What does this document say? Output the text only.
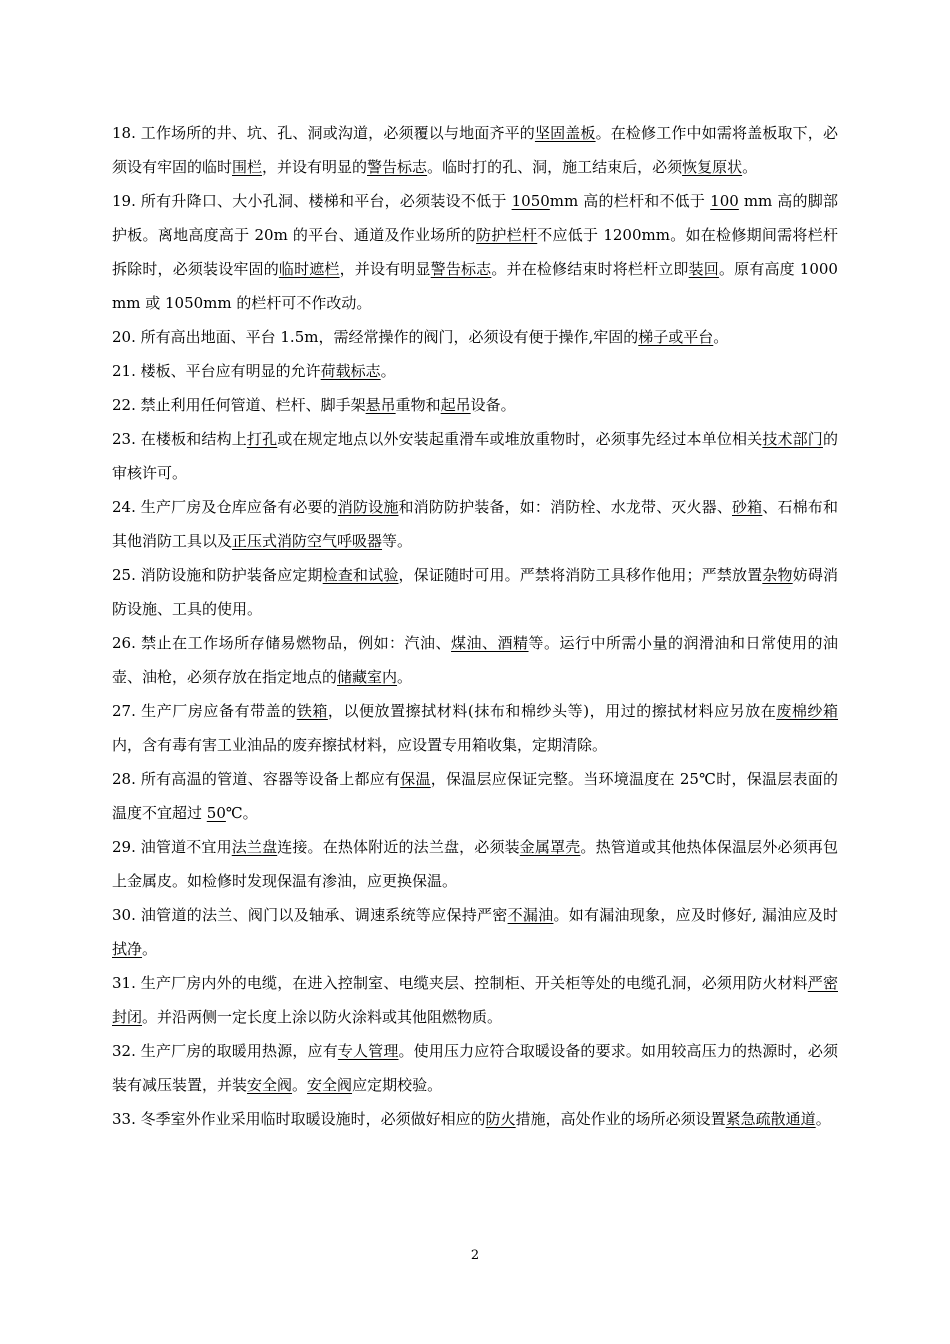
18. 工作场所的井、坑、孔、洞或沟道，必须覆以与地面齐平的坚固盖板。在检修工作中如需将盖板取下，必须设有牢固的临时围栏，并设有明显的警告标志。临时打的孔、洞，施工结束后，必须恢复原状。

19. 所有升降口、大小孔洞、楼梯和平台，必须装设不低于 1050mm 高的栏杆和不低于 100 mm 高的脚部护板。离地高度高于 20m 的平台、通道及作业场所的防护栏杆不应低于 1200mm。如在检修期间需将栏杆拆除时，必须装设牢固的临时遮栏，并设有明显警告标志。并在检修结束时将栏杆立即装回。原有高度 1000mm 或 1050mm 的栏杆可不作改动。

20. 所有高出地面、平台 1.5m，需经常操作的阀门，必须设有便于操作,牢固的梯子或平台。

21. 楼板、平台应有明显的允许荷载标志。

22. 禁止利用任何管道、栏杆、脚手架悬吊重物和起吊设备。

23. 在楼板和结构上打孔或在规定地点以外安装起重滑车或堆放重物时，必须事先经过本单位相关技术部门的审核许可。

24. 生产厂房及仓库应备有必要的消防设施和消防防护装备，如：消防栓、水龙带、灭火器、砂箱、石棉布和其他消防工具以及正压式消防空气呼吸器等。

25. 消防设施和防护装备应定期检查和试验，保证随时可用。严禁将消防工具移作他用；严禁放置杂物妨碍消防设施、工具的使用。

26. 禁止在工作场所存储易燃物品，例如：汽油、煤油、酒精等。运行中所需小量的润滑油和日常使用的油壶、油枪，必须存放在指定地点的储藏室内。

27. 生产厂房应备有带盖的铁箱，以便放置擦拭材料(抹布和棉纱头等)，用过的擦拭材料应另放在废棉纱箱内，含有毒有害工业油品的废弃擦拭材料，应设置专用箱收集，定期清除。

28. 所有高温的管道、容器等设备上都应有保温，保温层应保证完整。当环境温度在 25℃时，保温层表面的温度不宜超过 50℃。

29. 油管道不宜用法兰盘连接。在热体附近的法兰盘，必须装金属罩壳。热管道或其他热体保温层外必须再包上金属皮。如检修时发现保温有渗油，应更换保温。

30. 油管道的法兰、阀门以及轴承、调速系统等应保持严密不漏油。如有漏油现象，应及时修好, 漏油应及时拭净。

31. 生产厂房内外的电缆，在进入控制室、电缆夹层、控制柜、开关柜等处的电缆孔洞，必须用防火材料严密封闭。并沿两侧一定长度上涂以防火涂料或其他阻燃物质。

32. 生产厂房的取暖用热源，应有专人管理。使用压力应符合取暖设备的要求。如用较高压力的热源时，必须装有减压装置，并装安全阀。安全阀应定期校验。

33. 冬季室外作业采用临时取暖设施时，必须做好相应的防火措施，高处作业的场所必须设置紧急疏散通道。

2
